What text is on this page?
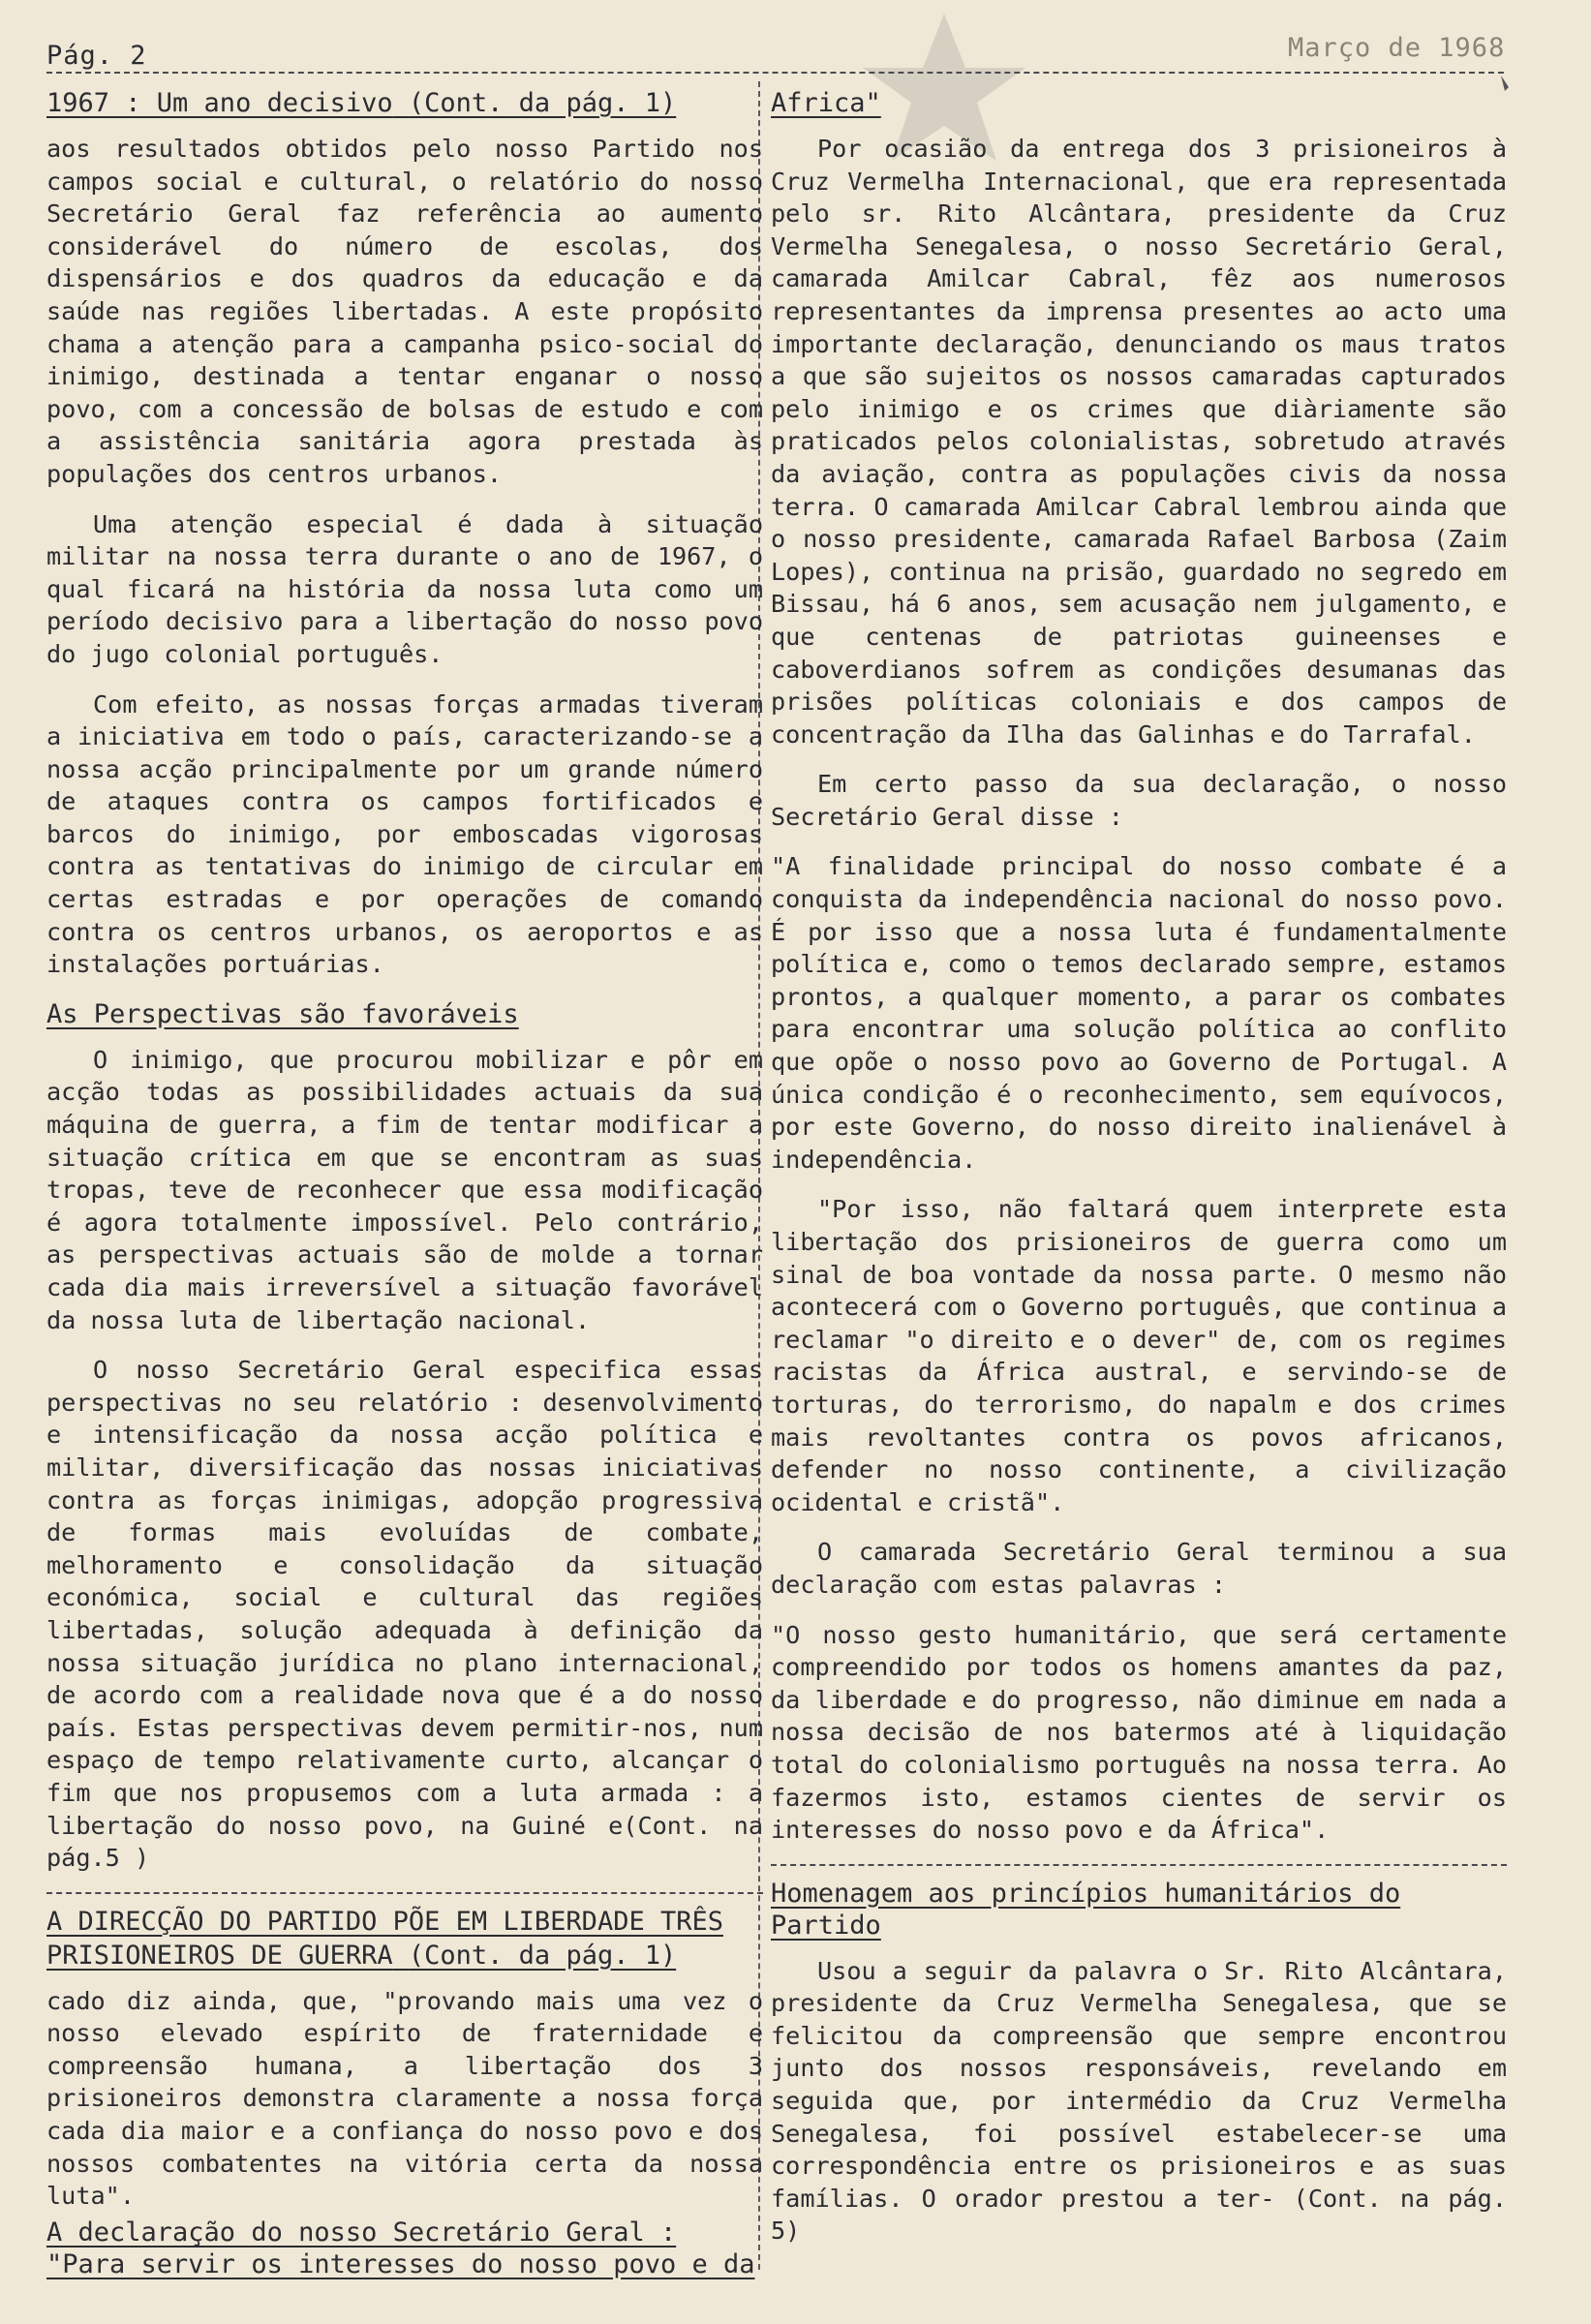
Pág. 2	Março de 1968
1967 : Um ano decisivo (Cont. da pág. 1)

aos resultados obtidos pelo nosso Partido nos campos social e cultural, o relatório do nosso Secretário Geral faz referência ao aumento considerável do número de escolas, dos dispensários e dos quadros da educação e da saúde nas regiões libertadas. A este propósito chama a atenção para a campanha psico-social do inimigo, destinada a tentar enganar o nosso povo, com a concessão de bolsas de estudo e com a assistência sanitária agora prestada às populações dos centros urbanos.

Uma atenção especial é dada à situação militar na nossa terra durante o ano de 1967, o qual ficará na história da nossa luta como um período decisivo para a libertação do nosso povo do jugo colonial português.

Com efeito, as nossas forças armadas tiveram a iniciativa em todo o país, caracterizando-se a nossa acção principalmente por um grande número de ataques contra os campos fortificados e barcos do inimigo, por emboscadas vigorosas contra as tentativas do inimigo de circular em certas estradas e por operações de comando contra os centros urbanos, os aeroportos e as instalações portuárias.

As Perspectivas são favoráveis

O inimigo, que procurou mobilizar e pôr em acção todas as possibilidades actuais da sua máquina de guerra, a fim de tentar modificar a situação crítica em que se encontram as suas tropas, teve de reconhecer que essa modificação é agora totalmente impossível. Pelo contrário, as perspectivas actuais são de molde a tornar cada dia mais irreversível a situação favorável da nossa luta de libertação nacional.

O nosso Secretário Geral especifica essas perspectivas no seu relatório : desenvolvimento e intensificação da nossa acção política e militar, diversificação das nossas iniciativas contra as forças inimigas, adopção progressiva de formas mais evoluídas de combate, melhoramento e consolidação da situação económica, social e cultural das regiões libertadas, solução adequada à definição da nossa situação jurídica no plano internacional, de acordo com a realidade nova que é a do nosso país. Estas perspectivas devem permitir-nos, num espaço de tempo relativamente curto, alcançar o fim que nos propusemos com a luta armada : a libertação do nosso povo, na Guiné e(Cont. na pág.5 )

A DIRECÇÃO DO PARTIDO PÕE EM LIBERDADE TRÊS
PRISIONEIROS DE GUERRA (Cont. da pág. 1)

cado diz ainda, que, "provando mais uma vez o nosso elevado espírito de fraternidade e compreensão humana, a libertação dos 3 prisioneiros demonstra claramente a nossa força cada dia maior e a confiança do nosso povo e dos nossos combatentes na vitória certa da nossa luta".

A declaração do nosso Secretário Geral :
"Para servir os interesses do nosso povo e da
Africa"

Por ocasião da entrega dos 3 prisioneiros à Cruz Vermelha Internacional, que era representada pelo sr. Rito Alcântara, presidente da Cruz Vermelha Senegalesa, o nosso Secretário Geral, camarada Amilcar Cabral, fêz aos numerosos representantes da imprensa presentes ao acto uma importante declaração, denunciando os maus tratos a que são sujeitos os nossos camaradas capturados pelo inimigo e os crimes que diàriamente são praticados pelos colonialistas, sobretudo através da aviação, contra as populações civis da nossa terra. O camarada Amilcar Cabral lembrou ainda que o nosso presidente, camarada Rafael Barbosa (Zaim Lopes), continua na prisão, guardado no segredo em Bissau, há 6 anos, sem acusação nem julgamento, e que centenas de patriotas guineenses e caboverdianos sofrem as condições desumanas das prisões políticas coloniais e dos campos de concentração da Ilha das Galinhas e do Tarrafal.

Em certo passo da sua declaração, o nosso Secretário Geral disse :

"A finalidade principal do nosso combate é a conquista da independência nacional do nosso povo. É por isso que a nossa luta é fundamentalmente política e, como o temos declarado sempre, estamos prontos, a qualquer momento, a parar os combates para encontrar uma solução política ao conflito que opõe o nosso povo ao Governo de Portugal. A única condição é o reconhecimento, sem equívocos, por este Governo, do nosso direito inalienável à independência.

"Por isso, não faltará quem interprete esta libertação dos prisioneiros de guerra como um sinal de boa vontade da nossa parte. O mesmo não acontecerá com o Governo português, que continua a reclamar "o direito e o dever" de, com os regimes racistas da África austral, e servindo-se de torturas, do terrorismo, do napalm e dos crimes mais revoltantes contra os povos africanos, defender no nosso continente, a civilização ocidental e cristã".

O camarada Secretário Geral terminou a sua declaração com estas palavras :

"O nosso gesto humanitário, que será certamente compreendido por todos os homens amantes da paz, da liberdade e do progresso, não diminue em nada a nossa decisão de nos batermos até à liquidação total do colonialismo português na nossa terra. Ao fazermos isto, estamos cientes de servir os interesses do nosso povo e da África".

Homenagem aos princípios humanitários do Partido

Usou a seguir da palavra o Sr. Rito Alcântara, presidente da Cruz Vermelha Senegalesa, que se felicitou da compreensão que sempre encontrou junto dos nossos responsáveis, revelando em seguida que, por intermédio da Cruz Vermelha Senegalesa, foi possível estabelecer-se uma correspondência entre os prisioneiros e as suas famílias. O orador prestou a ter- (Cont. na pág. 5)
